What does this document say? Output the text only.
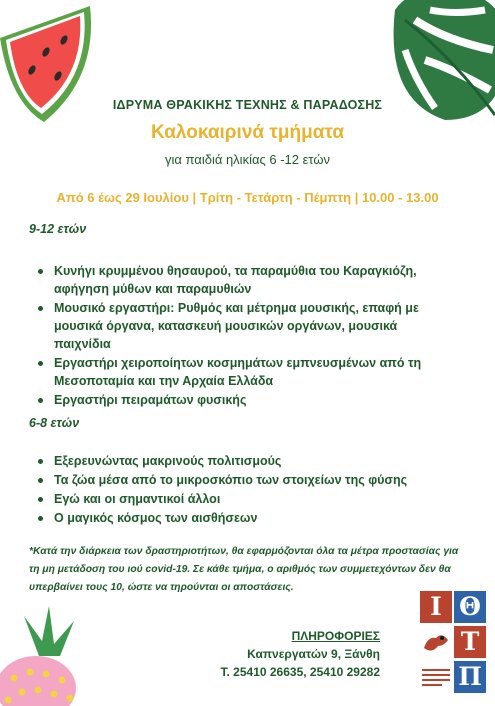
ΙΔΡΥΜΑ ΘΡΑΚΙΚΗΣ ΤΕΧΝΗΣ & ΠΑΡΑΔΟΣΗΣ
Καλοκαιρινά τμήματα
για παιδιά ηλικίας 6 -12 ετών
Από 6 έως 29 Ιουλίου | Τρίτη - Τετάρτη - Πέμπτη | 10.00 - 13.00
9-12 ετών
Κυνήγι κρυμμένου θησαυρού, τα παραμύθια του Καραγκιόζη, αφήγηση μύθων και παραμυθιών
Μουσικό εργαστήρι: Ρυθμός και μέτρημα μουσικής, επαφή με μουσικά όργανα, κατασκευή μουσικών οργάνων, μουσικά παιχνίδια
Εργαστήρι χειροποίητων κοσμημάτων εμπνευσμένων από τη Μεσοποταμία και την Αρχαία Ελλάδα
Εργαστήρι πειραμάτων φυσικής
6-8 ετών
Εξερευνώντας μακρινούς πολιτισμούς
Τα ζώα μέσα από το μικροσκόπιο των στοιχείων της φύσης
Εγώ και οι σημαντικοί άλλοι
Ο μαγικός κόσμος των αισθήσεων
*Κατά την διάρκεια των δραστηριοτήτων, θα εφαρμόζονται όλα τα μέτρα προστασίας για τη μη μετάδοση του ιού covid-19. Σε κάθε τμήμα, ο αριθμός των συμμετεχόντων δεν θα υπερβαίνει τους 10, ώστε να τηρούνται οι αποστάσεις.
ΠΛΗΡΟΦΟΡΙΕΣ
Καπνεργατών 9, Ξάνθη
Τ. 25410 26635, 25410 29282
Ι Θ
Τ
Π
